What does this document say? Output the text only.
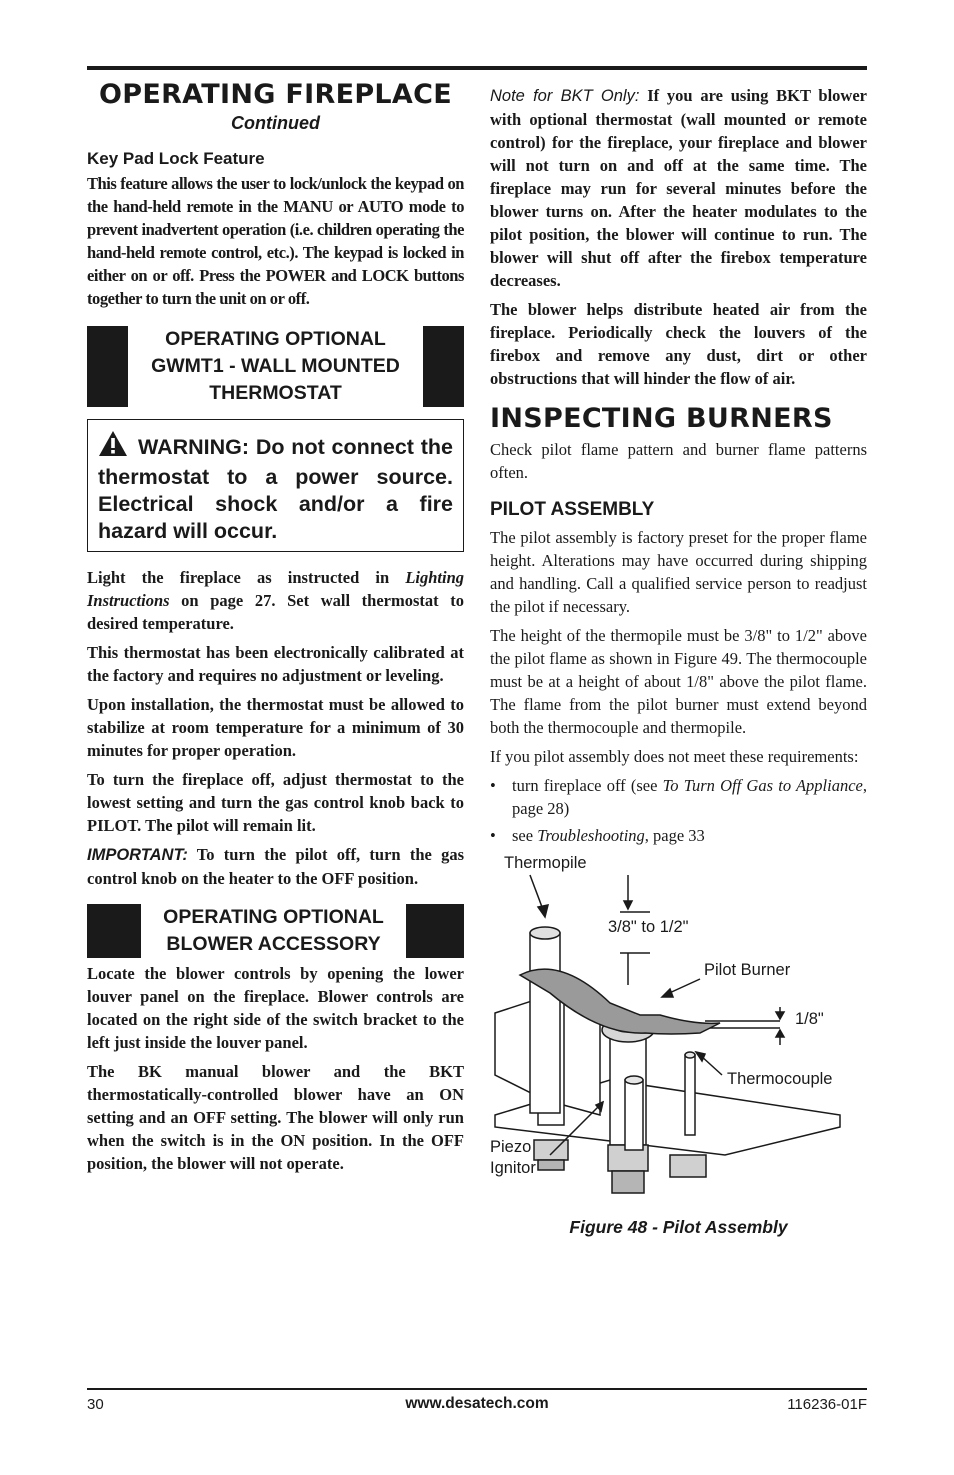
OPERATING FIREPLACE
Continued
Key Pad Lock Feature

This feature allows the user to lock/unlock the keypad on the hand-held remote in the MANU or AUTO mode to prevent inadvertent operation (i.e. children operating the hand-held remote control, etc.). The keypad is locked in either on or off. Press the POWER and LOCK buttons together to turn the unit on or off.

OPERATING OPTIONAL GWMT1 - WALL MOUNTED THERMOSTAT
WARNING: Do not connect the thermostat to a power source. Electrical shock and/or a fire hazard will occur.

Light the fireplace as instructed in Lighting Instructions on page 27. Set wall thermostat to desired temperature.

This thermostat has been electronically calibrated at the factory and requires no adjustment or leveling.

Upon installation, the thermostat must be allowed to stabilize at room temperature for a minimum of 30 minutes for proper operation.

To turn the fireplace off, adjust thermostat to the lowest setting and turn the gas control knob back to PILOT. The pilot will remain lit.

IMPORTANT: To turn the pilot off, turn the gas control knob on the heater to the OFF position.

OPERATING OPTIONAL BLOWER ACCESSORY

Locate the blower controls by opening the lower louver panel on the fireplace. Blower controls are located on the right side of the switch bracket to the left just inside the louver panel.

The BK manual blower and the BKT thermostatically-controlled blower have an ON setting and an OFF setting. The blower will only run when the switch is in the ON position. In the OFF position, the blower will not operate.

Note for BKT Only: If you are using BKT blower with optional thermostat (wall mounted or remote control) for the fireplace, your fireplace and blower will not turn on and off at the same time. The fireplace may run for several minutes before the blower turns on. After the heater modulates to the pilot position, the blower will continue to run. The blower will shut off after the firebox temperature decreases.

The blower helps distribute heated air from the fireplace. Periodically check the louvers of the firebox and remove any dust, dirt or other obstructions that will hinder the flow of air.

INSPECTING BURNERS

Check pilot flame pattern and burner flame patterns often.

PILOT ASSEMBLY

The pilot assembly is factory preset for the proper flame height. Alterations may have occurred during shipping and handling. Call a qualified service person to readjust the pilot if necessary.

The height of the thermopile must be 3/8" to 1/2" above the pilot flame as shown in Figure 49. The thermocouple must be at a height of about 1/8" above the pilot flame. The flame from the pilot burner must extend beyond both the thermocouple and thermopile.

If you pilot assembly does not meet these requirements:

• turn fireplace off (see To Turn Off Gas to Appliance, page 28)
• see Troubleshooting, page 33
Thermopile
3/8" to 1/2"
Pilot Burner
1/8"
Thermocouple
Piezo
Ignitor
Figure 48 - Pilot Assembly
30	www.desatech.com	116236-01F
